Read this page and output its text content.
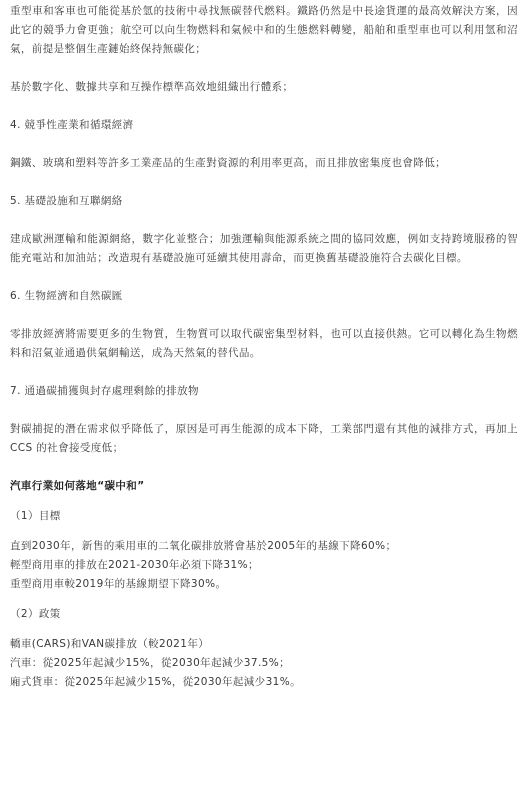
重型車和客車也可能從基於氫的技術中尋找無碳替代燃料。鐵路仍然是中長途貨運的最高效解決方案，因此它的競爭力會更強；航空可以向生物燃料和氣候中和的生態燃料轉變，船舶和重型車也可以利用氫和沼氣，前提是整個生產鏈始終保持無碳化；

基於數字化、數據共享和互操作標準高效地組織出行體系；

4. 競爭性產業和循環經濟

鋼鐵、玻璃和塑料等許多工業產品的生產對資源的利用率更高，而且排放密集度也會降低；

5. 基礎設施和互聯網絡

建成歐洲運輸和能源網絡，數字化並整合；加強運輸與能源系統之間的協同效應，例如支持跨境服務的智能充電站和加油站；改造現有基礎設施可延續其使用壽命，而更換舊基礎設施符合去碳化目標。

6. 生物經濟和自然碳匯

零排放經濟將需要更多的生物質，生物質可以取代碳密集型材料，也可以直接供熱。它可以轉化為生物燃料和沼氣並通過供氣網輸送，成為天然氣的替代品。

7. 通過碳捕獲與封存處理剩餘的排放物

對碳捕捉的潛在需求似乎降低了，原因是可再生能源的成本下降，工業部門還有其他的減排方式，再加上CCS 的社會接受度低；

汽車行業如何落地“碳中和”

（1）目標

直到2030年，新售的乘用車的二氧化碳排放將會基於2005年的基線下降60%；
輕型商用車的排放在2021-2030年必須下降31%；
重型商用車較2019年的基線期望下降30%。

（2）政策

轎車(CARS)和VAN碳排放（較2021年）
汽車：從2025年起減少15%，從2030年起減少37.5%；
廂式貨車：從2025年起減少15%，從2030年起減少31%。
